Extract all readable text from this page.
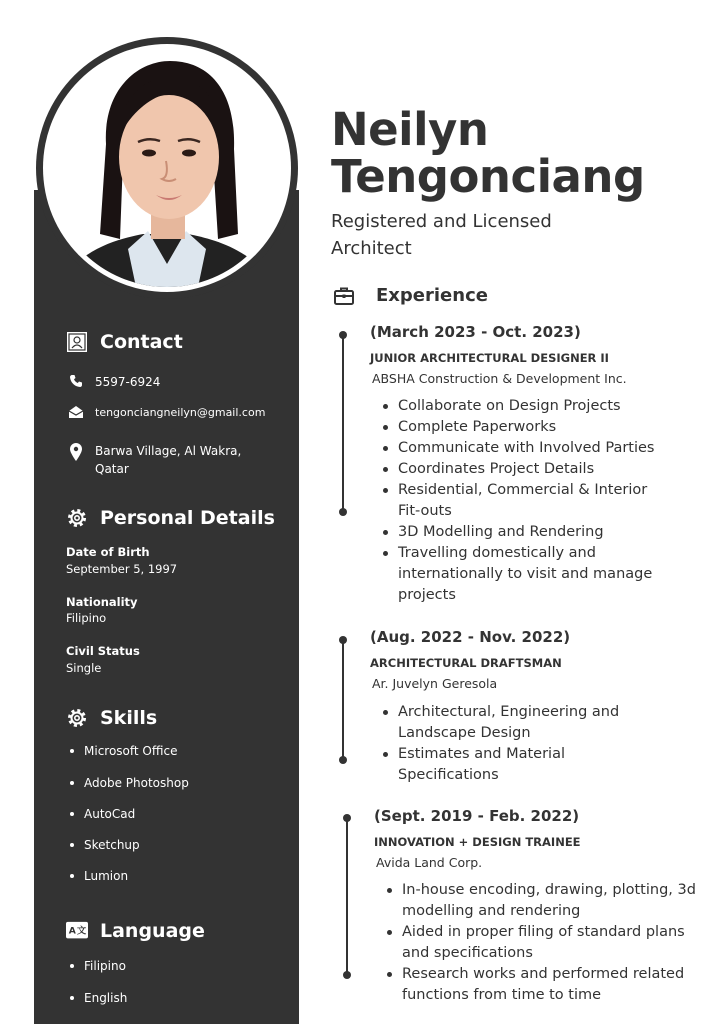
Contact
5597-6924
tengonciangneilyn@gmail.com
Barwa Village, Al Wakra,
Qatar
Personal Details
Date of Birth
September 5, 1997
Nationality
Filipino
Civil Status
Single
Skills
Microsoft Office
Adobe Photoshop
AutoCad
Sketchup
Lumion
A 文 Language
Filipino
English
Neilyn
Tengonciang
Registered and Licensed Architect
Experience
(March 2023 - Oct. 2023)
JUNIOR ARCHITECTURAL DESIGNER II
ABSHA Construction & Development Inc.
Collaborate on Design Projects
Complete Paperworks
Communicate with Involved Parties
Coordinates Project Details
Residential, Commercial & Interior Fit-outs
3D Modelling and Rendering
Travelling domestically and internationally to visit and manage projects
(Aug. 2022 - Nov. 2022)
ARCHITECTURAL DRAFTSMAN
Ar. Juvelyn Geresola
Architectural, Engineering and Landscape Design
Estimates and Material Specifications
(Sept. 2019 - Feb. 2022)
INNOVATION + DESIGN TRAINEE
Avida Land Corp.
In-house encoding, drawing, plotting, 3d modelling and rendering
Aided in proper filing of standard plans and specifications
Research works and performed related functions from time to time
